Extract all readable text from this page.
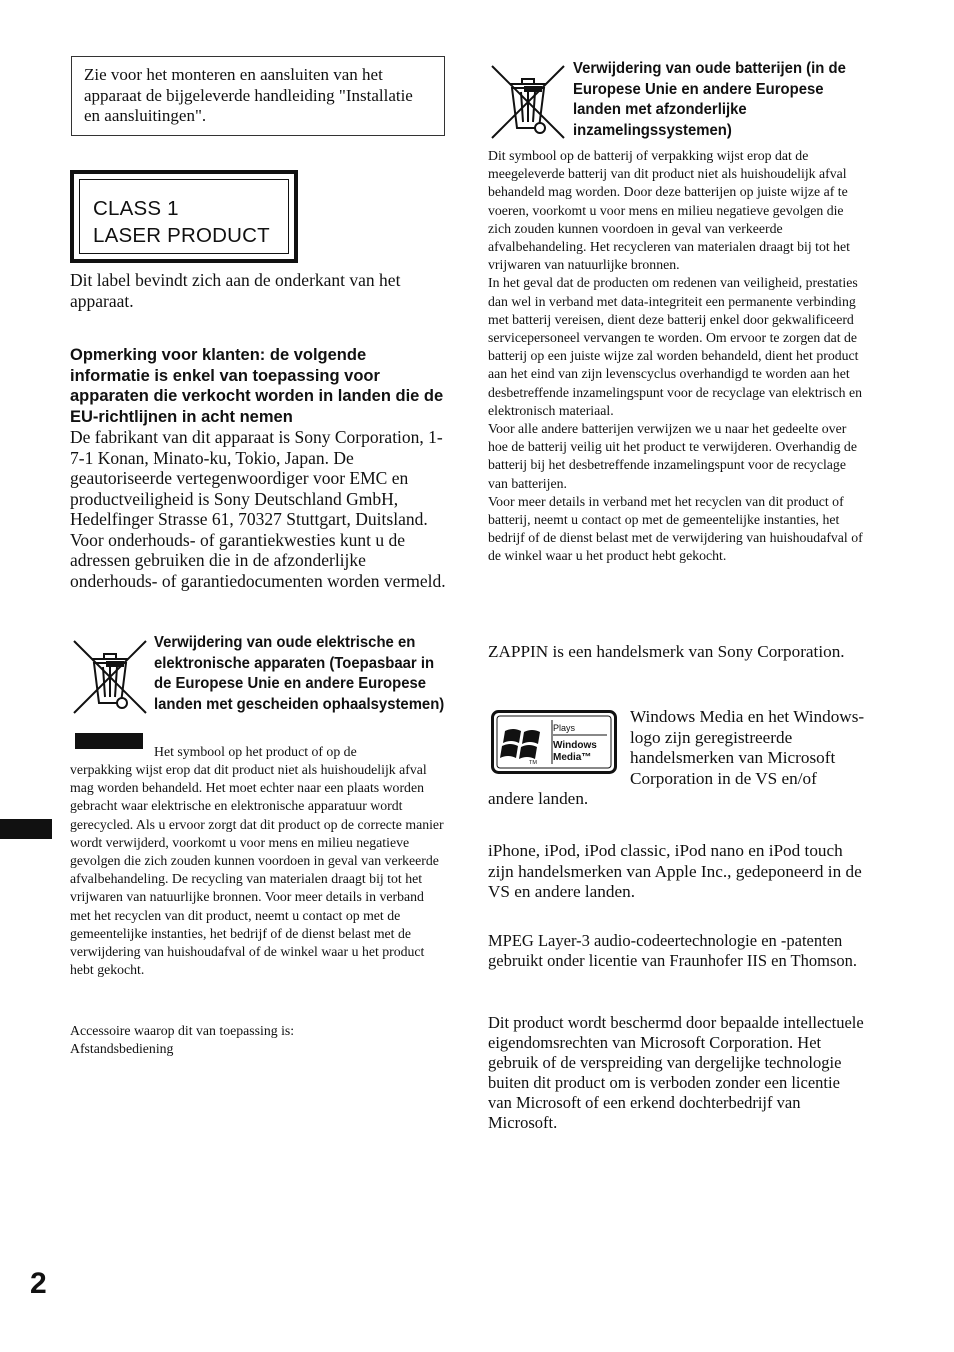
Zie voor het monteren en aansluiten van het apparaat de bijgeleverde handleiding "Installatie en aansluitingen".

CLASS 1
LASER PRODUCT

Dit label bevindt zich aan de onderkant van het apparaat.

Opmerking voor klanten: de volgende informatie is enkel van toepassing voor apparaten die verkocht worden in landen die de EU-richtlijnen in acht nemen

De fabrikant van dit apparaat is Sony Corporation, 1-7-1 Konan, Minato-ku, Tokio, Japan. De geautoriseerde vertegenwoordiger voor EMC en productveiligheid is Sony Deutschland GmbH, Hedelfinger Strasse 61, 70327 Stuttgart, Duitsland. Voor onderhouds- of garantiekwesties kunt u de adressen gebruiken die in de afzonderlijke onderhouds- of garantiedocumenten worden vermeld.

Verwijdering van oude elektrische en elektronische apparaten (Toepasbaar in de Europese Unie en andere Europese landen met gescheiden ophaalsystemen)

Het symbool op het product of op de

verpakking wijst erop dat dit product niet als huishoudelijk afval mag worden behandeld. Het moet echter naar een plaats worden gebracht waar elektrische en elektronische apparatuur wordt gerecycled. Als u ervoor zorgt dat dit product op de correcte manier wordt verwijderd, voorkomt u voor mens en milieu negatieve gevolgen die zich zouden kunnen voordoen in geval van verkeerde afvalbehandeling. De recycling van materialen draagt bij tot het vrijwaren van natuurlijke bronnen. Voor meer details in verband met het recyclen van dit product, neemt u contact op met de gemeentelijke instanties, het bedrijf of de dienst belast met de verwijdering van huishoudafval of de winkel waar u het product hebt gekocht.

Accessoire waarop dit van toepassing is:
Afstandsbediening
2
Verwijdering van oude batterijen (in de Europese Unie en andere Europese landen met afzonderlijke inzamelingssystemen)

Dit symbool op de batterij of verpakking wijst erop dat de meegeleverde batterij van dit product niet als huishoudelijk afval behandeld mag worden. Door deze batterijen op juiste wijze af te voeren, voorkomt u voor mens en milieu negatieve gevolgen die zich zouden kunnen voordoen in geval van verkeerde afvalbehandeling. Het recycleren van materialen draagt bij tot het vrijwaren van natuurlijke bronnen.

In het geval dat de producten om redenen van veiligheid, prestaties dan wel in verband met data-integriteit een permanente verbinding met batterij vereisen, dient deze batterij enkel door gekwalificeerd servicepersoneel vervangen te worden. Om ervoor te zorgen dat de batterij op een juiste wijze zal worden behandeld, dient het product aan het eind van zijn levenscyclus overhandigd te worden aan het desbetreffende inzamelingspunt voor de recyclage van elektrisch en elektronisch materiaal.

Voor alle andere batterijen verwijzen we u naar het gedeelte over hoe de batterij veilig uit het product te verwijderen. Overhandig de batterij bij het desbetreffende inzamelingspunt voor de recyclage van batterijen.

Voor meer details in verband met het recyclen van dit product of batterij, neemt u contact op met de gemeentelijke instanties, het bedrijf of de dienst belast met de verwijdering van huishoudafval of de winkel waar u het product hebt gekocht.

ZAPPIN is een handelsmerk van Sony Corporation.

TM
Plays
Windows
Media™

Windows Media en het Windows-logo zijn geregistreerde handelsmerken van Microsoft Corporation in de VS en/of andere landen.

iPhone, iPod, iPod classic, iPod nano en iPod touch zijn handelsmerken van Apple Inc., gedeponeerd in de VS en andere landen.

MPEG Layer-3 audio-codeertechnologie en -patenten gebruikt onder licentie van Fraunhofer IIS en Thomson.

Dit product wordt beschermd door bepaalde intellectuele eigendomsrechten van Microsoft Corporation. Het gebruik of de verspreiding van dergelijke technologie buiten dit product om is verboden zonder een licentie van Microsoft of een erkend dochterbedrijf van Microsoft.
